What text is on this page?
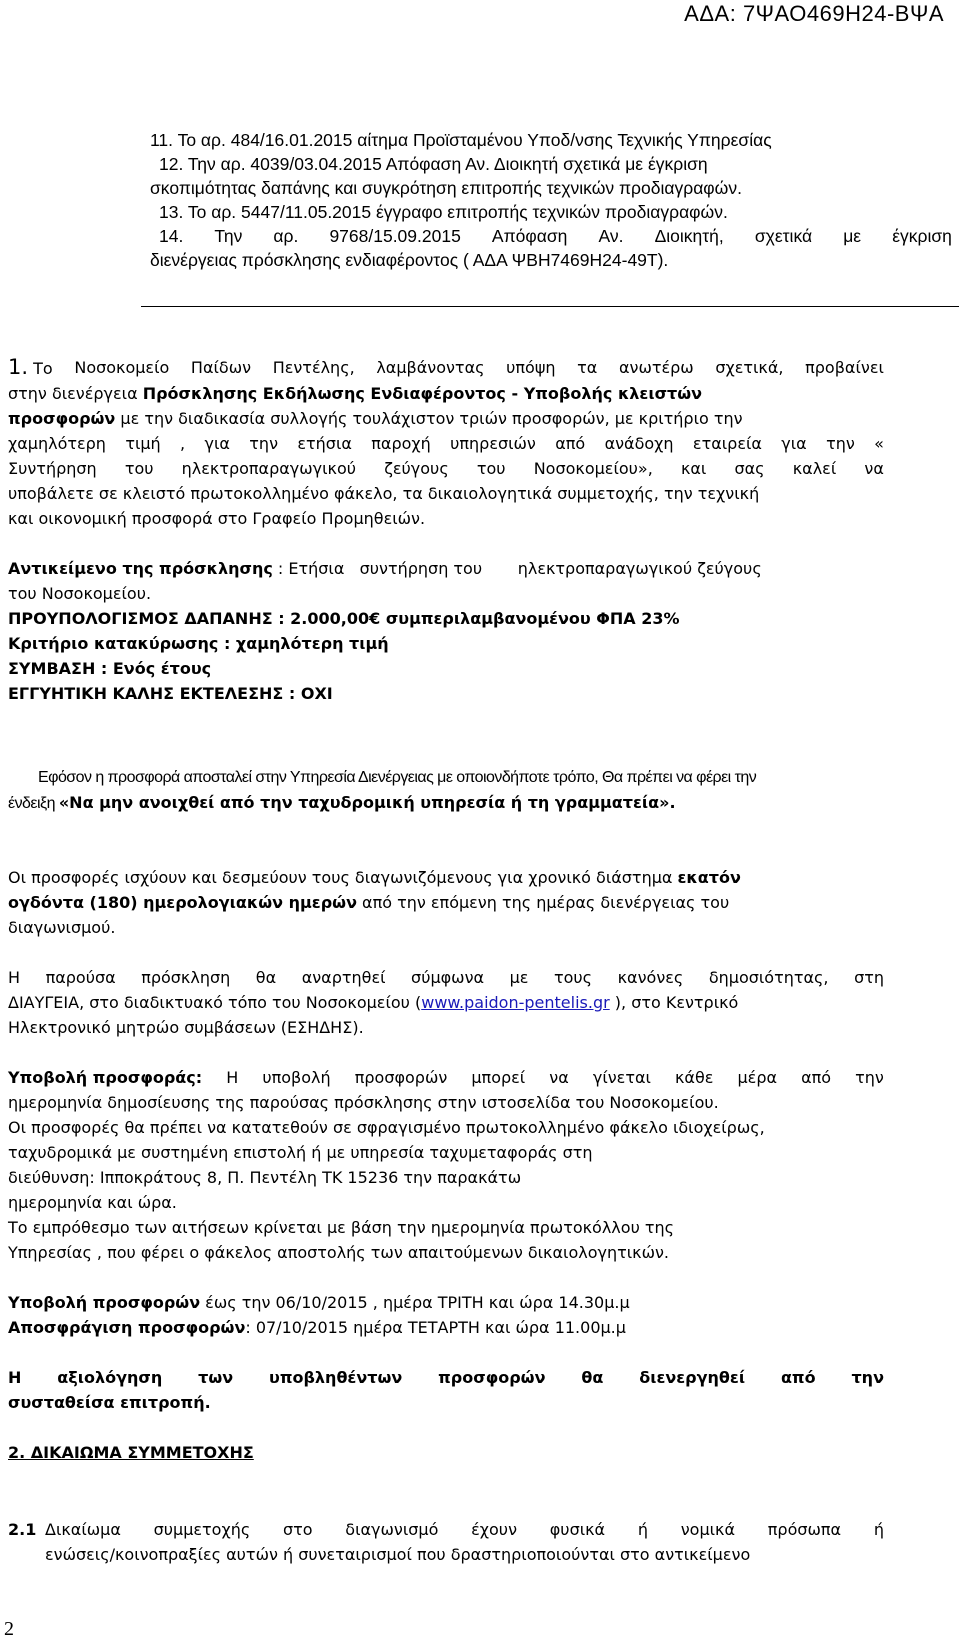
ΑΔΑ: 7ΨΑΟ469Η24-ΒΨΑ
11. Το αρ. 484/16.01.2015 αίτημα Προϊσταμένου Υποδ/νσης Τεχνικής Υπηρεσίας
12. Την αρ. 4039/03.04.2015 Απόφαση Αν. Διοικητή σχετικά με έγκριση
σκοπιμότητας δαπάνης και συγκρότηση επιτροπής τεχνικών προδιαγραφών.
13. Το αρ. 5447/11.05.2015 έγγραφο επιτροπής τεχνικών προδιαγραφών.
14. Την αρ. 9768/15.09.2015 Απόφαση Αν. Διοικητή, σχετικά με έγκριση
διενέργειας πρόσκλησης ενδιαφέροντος ( ΑΔΑ ΨΒΗ7469Η24-49Τ).
1. Το Νοσοκομείο Παίδων Πεντέλης, λαμβάνοντας υπόψη τα ανωτέρω σχετικά, προβαίνει
στην διενέργεια Πρόσκλησης Εκδήλωσης Ενδιαφέροντος - Υποβολής κλειστών
προσφορών με την διαδικασία συλλογής τουλάχιστον τριών προσφορών, με κριτήριο την
χαμηλότερη τιμή , για την ετήσια παροχή υπηρεσιών από ανάδοχη εταιρεία για την «
Συντήρηση του ηλεκτροπαραγωγικού ζεύγους του Νοσοκομείου», και σας καλεί να
υποβάλετε σε κλειστό πρωτοκολλημένο φάκελο, τα δικαιολογητικά συμμετοχής, την τεχνική
και οικονομική προσφορά στο Γραφείο Προμηθειών.
Αντικείμενο της πρόσκλησης : Ετήσια συντήρηση του ηλεκτροπαραγωγικού ζεύγους
του Νοσοκομείου.
ΠΡΟΥΠΟΛΟΓΙΣΜΟΣ ΔΑΠΑΝΗΣ : 2.000,00€ συμπεριλαμβανομένου ΦΠΑ 23%
Κριτήριο κατακύρωσης : χαμηλότερη τιμή
ΣΥΜΒΑΣΗ : Ενός έτους
ΕΓΓΥΗΤΙΚΗ ΚΑΛΗΣ ΕΚΤΕΛΕΣΗΣ : ΟΧΙ
Εφόσον η προσφορά αποσταλεί στην Υπηρεσία Διενέργειας με οποιονδήποτε τρόπο, Θα πρέπει να φέρει την
ένδειξη «Να μην ανοιχθεί από την ταχυδρομική υπηρεσία ή τη γραμματεία».
Οι προσφορές ισχύουν και δεσμεύουν τους διαγωνιζόμενους για χρονικό διάστημα εκατόν
ογδόντα (180) ημερολογιακών ημερών από την επόμενη της ημέρας διενέργειας του
διαγωνισμού.
Η παρούσα πρόσκληση θα αναρτηθεί σύμφωνα με τους κανόνες δημοσιότητας, στη
ΔΙΑΥΓΕΙΑ, στο διαδικτυακό τόπο του Νοσοκομείου (www.paidon-pentelis.gr ), στο Κεντρικό
Ηλεκτρονικό μητρώο συμβάσεων (ΕΣΗΔΗΣ).
Υποβολή προσφοράς: Η υποβολή προσφορών μπορεί να γίνεται κάθε μέρα από την
ημερομηνία δημοσίευσης της παρούσας πρόσκλησης στην ιστοσελίδα του Νοσοκομείου.
Οι προσφορές θα πρέπει να κατατεθούν σε σφραγισμένο πρωτοκολλημένο φάκελο ιδιοχείρως,
ταχυδρομικά με συστημένη επιστολή ή με υπηρεσία ταχυμεταφοράς στη
διεύθυνση: Ιπποκράτους 8, Π. Πεντέλη ΤΚ 15236 την παρακάτω
ημερομηνία και ώρα.
Το εμπρόθεσμο των αιτήσεων κρίνεται με βάση την ημερομηνία πρωτοκόλλου της
Υπηρεσίας , που φέρει ο φάκελος αποστολής των απαιτούμενων δικαιολογητικών.
Υποβολή προσφορών έως την 06/10/2015 , ημέρα ΤΡΙΤΗ και ώρα 14.30μ.μ
Αποσφράγιση προσφορών: 07/10/2015 ημέρα ΤΕΤΑΡΤΗ και ώρα 11.00μ.μ
Η αξιολόγηση των υποβληθέντων προσφορών θα διενεργηθεί από την
συσταθείσα επιτροπή.
2. ΔΙΚΑΙΩΜΑ ΣΥΜΜΕΤΟΧΗΣ
2.1 Δικαίωμα συμμετοχής στο διαγωνισμό έχουν φυσικά ή νομικά πρόσωπα ή
ενώσεις/κοινοπραξίες αυτών ή συνεταιρισμοί που δραστηριοποιούνται στο αντικείμενο
2
